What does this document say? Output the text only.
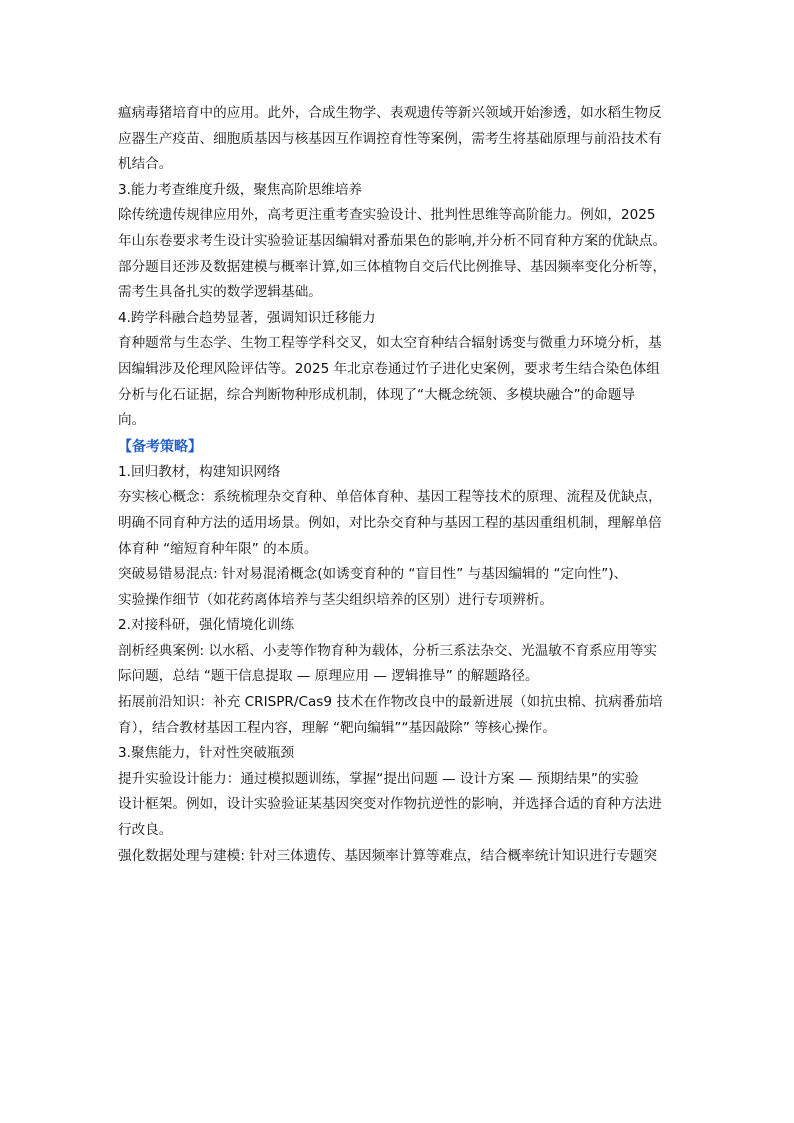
瘟病毒猪培育中的应用。此外，合成生物学、表观遗传等新兴领域开始渗透，如水稻生物反

应器生产疫苗、细胞质基因与核基因互作调控育性等案例，需考生将基础原理与前沿技术有

机结合。

3.能力考查维度升级，聚焦高阶思维培养

除传统遗传规律应用外，高考更注重考查实验设计、批判性思维等高阶能力。例如，2025

年山东卷要求考生设计实验验证基因编辑对番茄果色的影响,并分析不同育种方案的优缺点。

部分题目还涉及数据建模与概率计算,如三体植物自交后代比例推导、基因频率变化分析等，

需考生具备扎实的数学逻辑基础。

4.跨学科融合趋势显著，强调知识迁移能力

育种题常与生态学、生物工程等学科交叉，如太空育种结合辐射诱变与微重力环境分析，基

因编辑涉及伦理风险评估等。2025 年北京卷通过竹子进化史案例，要求考生结合染色体组

分析与化石证据，综合判断物种形成机制，体现了“大概念统领、多模块融合”的命题导

向。

【备考策略】

1.回归教材，构建知识网络

夯实核心概念：系统梳理杂交育种、单倍体育种、基因工程等技术的原理、流程及优缺点，

明确不同育种方法的适用场景。例如，对比杂交育种与基因工程的基因重组机制，理解单倍

体育种 “缩短育种年限” 的本质。

突破易错易混点: 针对易混淆概念(如诱变育种的 “盲目性” 与基因编辑的 “定向性”)、

实验操作细节（如花药离体培养与茎尖组织培养的区别）进行专项辨析。

2.对接科研，强化情境化训练

剖析经典案例: 以水稻、小麦等作物育种为载体，分析三系法杂交、光温敏不育系应用等实

际问题，总结 “题干信息提取 — 原理应用 — 逻辑推导” 的解题路径。

拓展前沿知识：补充 CRISPR/Cas9 技术在作物改良中的最新进展（如抗虫棉、抗病番茄培

育），结合教材基因工程内容，理解 “靶向编辑”“基因敲除” 等核心操作。

3.聚焦能力，针对性突破瓶颈

提升实验设计能力：通过模拟题训练，掌握“提出问题 — 设计方案 — 预期结果”的实验

设计框架。例如，设计实验验证某基因突变对作物抗逆性的影响，并选择合适的育种方法进

行改良。

强化数据处理与建模: 针对三体遗传、基因频率计算等难点，结合概率统计知识进行专题突
